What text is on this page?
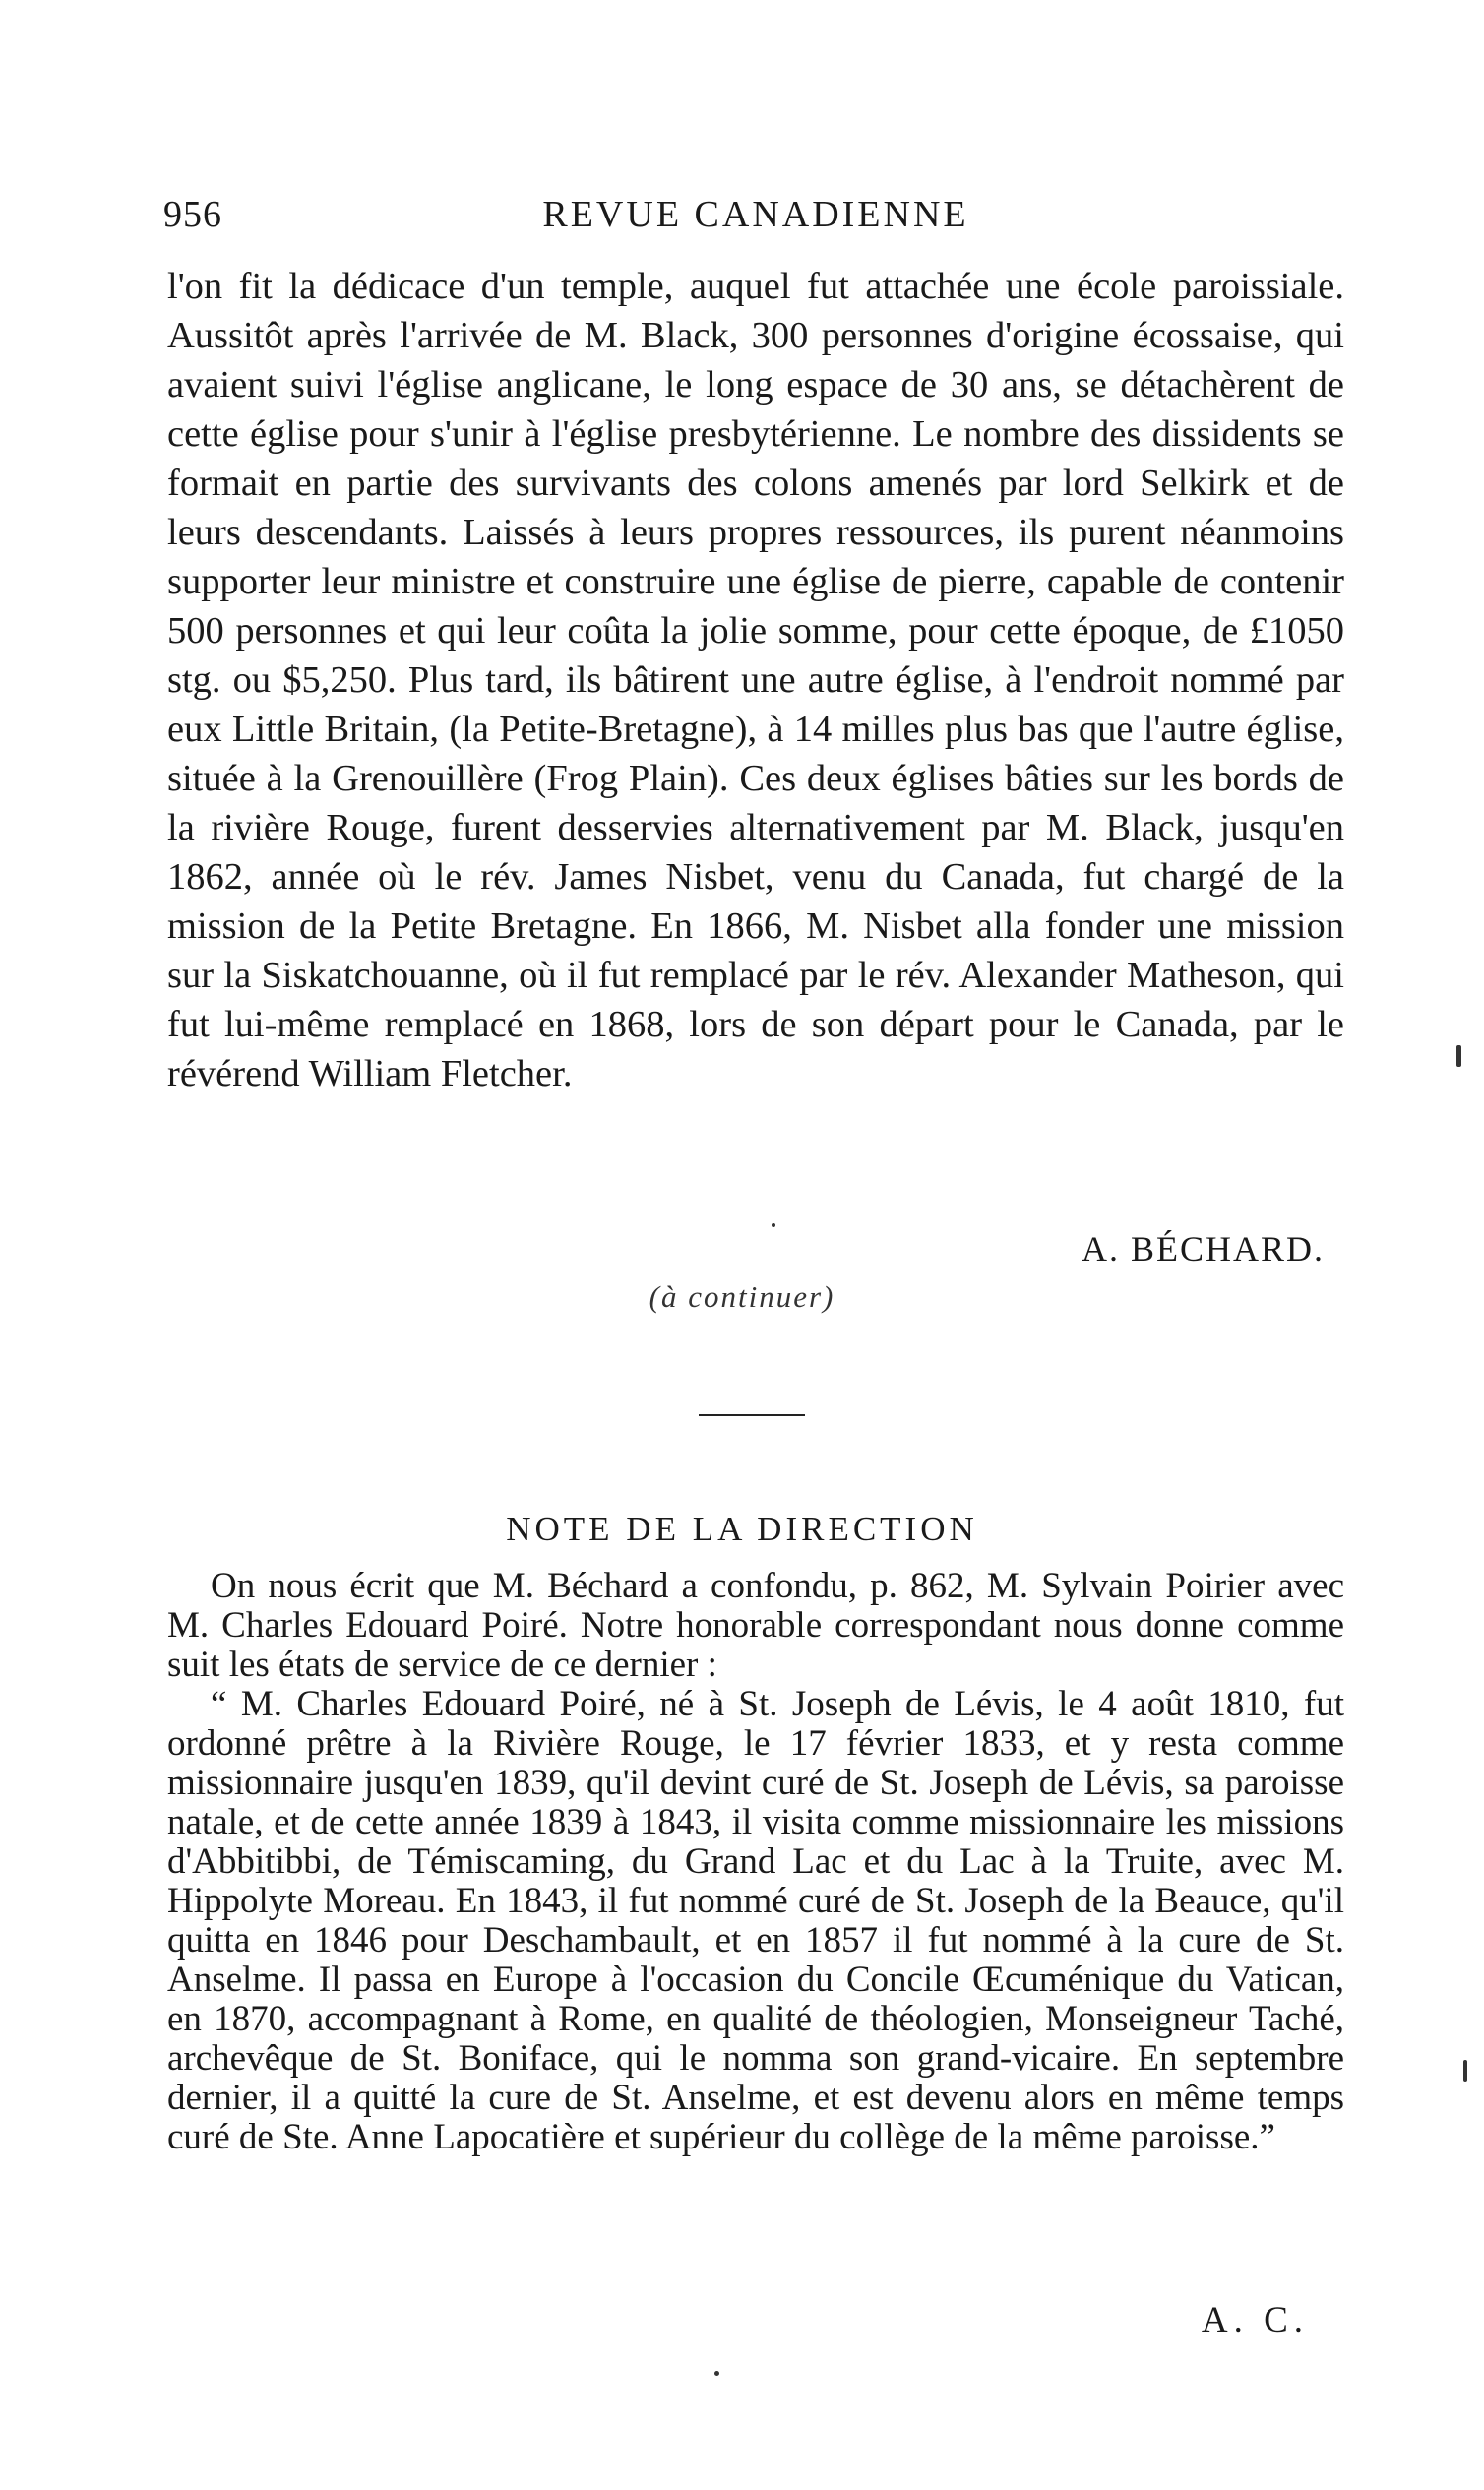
956	REVUE CANADIENNE

l'on fit la dédicace d'un temple, auquel fut attachée une école paroissiale. Aussitôt après l'arrivée de M. Black, 300 personnes d'origine écossaise, qui avaient suivi l'église anglicane, le long espace de 30 ans, se détachèrent de cette église pour s'unir à l'église presbytérienne. Le nombre des dissidents se formait en partie des survivants des colons amenés par lord Selkirk et de leurs descendants. Laissés à leurs propres ressources, ils purent néanmoins supporter leur ministre et construire une église de pierre, capable de contenir 500 personnes et qui leur coûta la jolie somme, pour cette époque, de £1050 stg. ou $5,250. Plus tard, ils bâtirent une autre église, à l'endroit nommé par eux Little Britain, (la Petite-Bretagne), à 14 milles plus bas que l'autre église, située à la Grenouillère (Frog Plain). Ces deux églises bâties sur les bords de la rivière Rouge, furent desservies alternativement par M. Black, jusqu'en 1862, année où le rév. James Nisbet, venu du Canada, fut chargé de la mission de la Petite Bretagne. En 1866, M. Nisbet alla fonder une mission sur la Siskatchouanne, où il fut remplacé par le rév. Alexander Matheson, qui fut lui-même remplacé en 1868, lors de son départ pour le Canada, par le révérend William Fletcher.

A. BÉCHARD.
(à continuer)
NOTE DE LA DIRECTION

On nous écrit que M. Béchard a confondu, p. 862, M. Sylvain Poirier avec M. Charles Edouard Poiré. Notre honorable correspondant nous donne comme suit les états de service de ce dernier :

“ M. Charles Edouard Poiré, né à St. Joseph de Lévis, le 4 août 1810, fut ordonné prêtre à la Rivière Rouge, le 17 février 1833, et y resta comme missionnaire jusqu'en 1839, qu'il devint curé de St. Joseph de Lévis, sa paroisse natale, et de cette année 1839 à 1843, il visita comme missionnaire les missions d'Abbitibbi, de Témiscaming, du Grand Lac et du Lac à la Truite, avec M. Hippolyte Moreau. En 1843, il fut nommé curé de St. Joseph de la Beauce, qu'il quitta en 1846 pour Deschambault, et en 1857 il fut nommé à la cure de St. Anselme. Il passa en Europe à l'occasion du Concile Œcuménique du Vatican, en 1870, accompagnant à Rome, en qualité de théologien, Monseigneur Taché, archevêque de St. Boniface, qui le nomma son grand-vicaire. En septembre dernier, il a quitté la cure de St. Anselme, et est devenu alors en même temps curé de Ste. Anne Lapocatière et supérieur du collège de la même paroisse.”

A. C.
